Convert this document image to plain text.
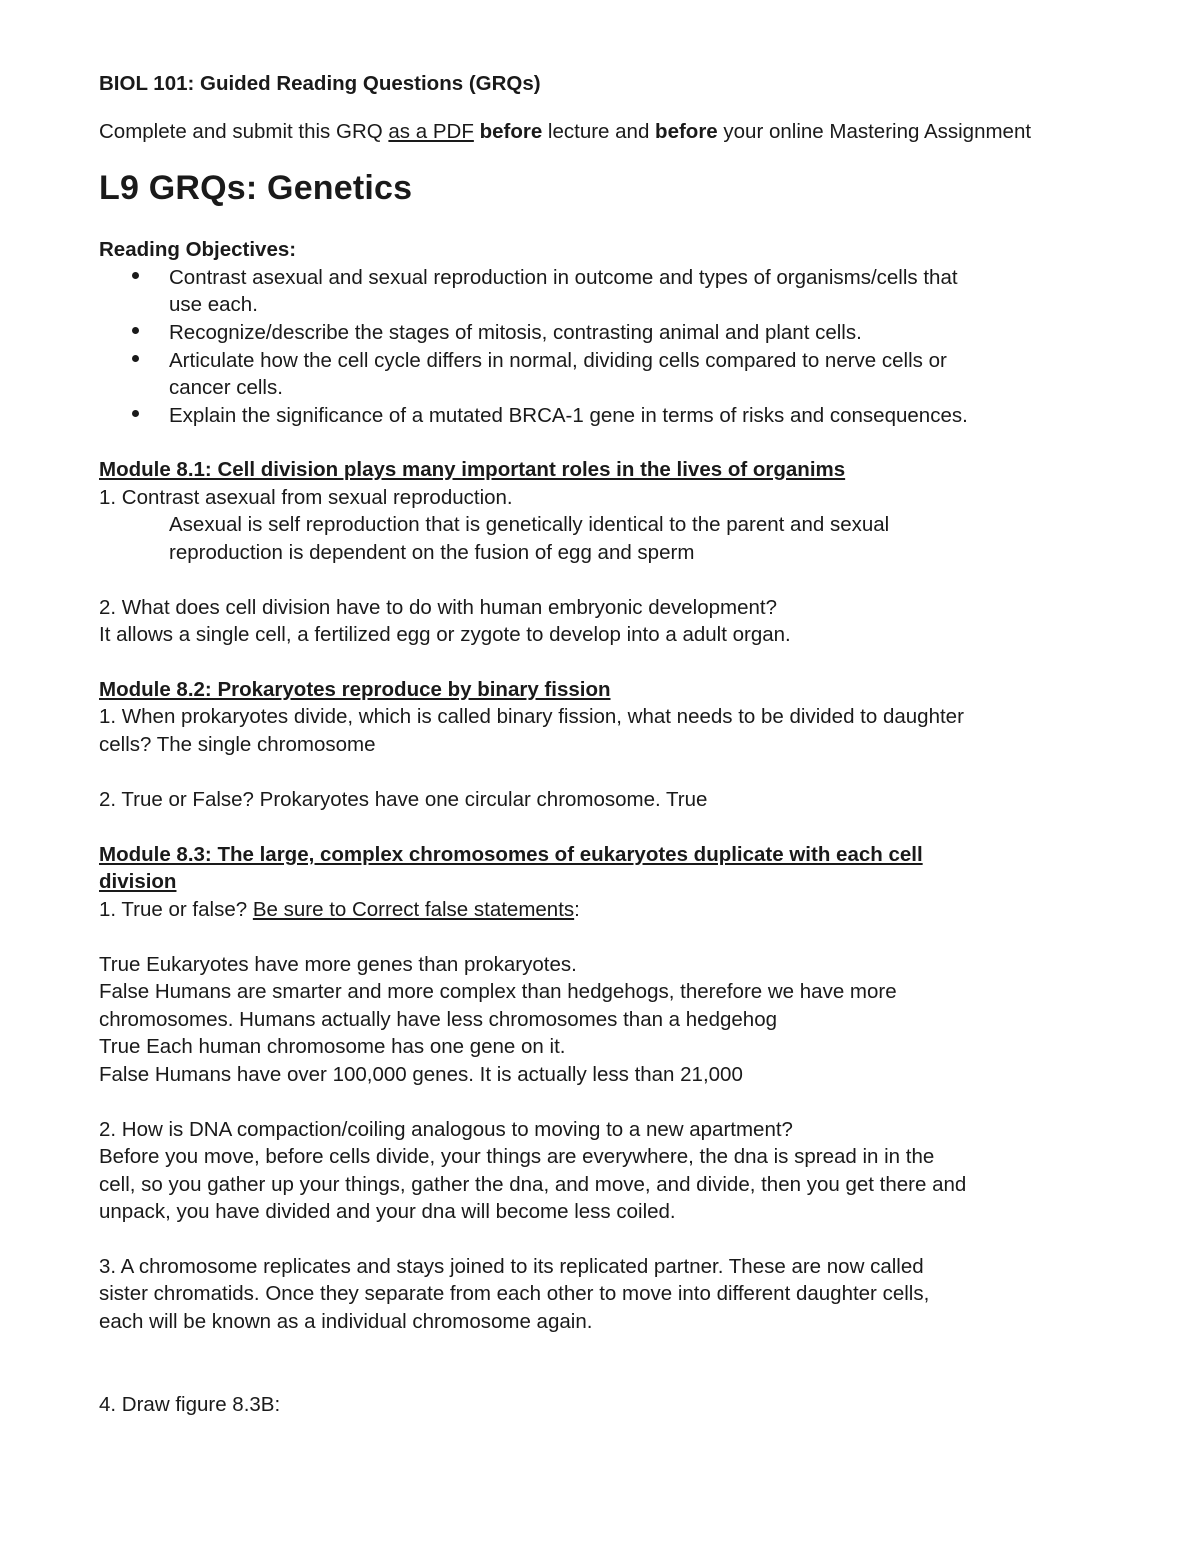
BIOL 101: Guided Reading Questions (GRQs)
Complete and submit this GRQ as a PDF before lecture and before your online Mastering Assignment
L9 GRQs: Genetics
Reading Objectives:
Contrast asexual and sexual reproduction in outcome and types of organisms/cells that
use each.
Recognize/describe the stages of mitosis, contrasting animal and plant cells.
Articulate how the cell cycle differs in normal, dividing cells compared to nerve cells or
cancer cells.
Explain the significance of a mutated BRCA-1 gene in terms of risks and consequences.
Module 8.1: Cell division plays many important roles in the lives of organims
1. Contrast asexual from sexual reproduction.
Asexual is self reproduction that is genetically identical to the parent and sexual
reproduction is dependent on the fusion of egg and sperm
2. What does cell division have to do with human embryonic development?
It allows a single cell, a fertilized egg or zygote to develop into a adult organ.
Module 8.2: Prokaryotes reproduce by binary fission
1. When prokaryotes divide, which is called binary fission, what needs to be divided to daughter
cells? The single chromosome
2. True or False? Prokaryotes have one circular chromosome. True
Module 8.3: The large, complex chromosomes of eukaryotes duplicate with each cell
division
1. True or false? Be sure to Correct false statements:
True Eukaryotes have more genes than prokaryotes.
False Humans are smarter and more complex than hedgehogs, therefore we have more
chromosomes. Humans actually have less chromosomes than a hedgehog
True Each human chromosome has one gene on it.
False Humans have over 100,000 genes. It is actually less than 21,000
2. How is DNA compaction/coiling analogous to moving to a new apartment?
Before you move, before cells divide, your things are everywhere, the dna is spread in in the
cell, so you gather up your things, gather the dna, and move, and divide, then you get there and
unpack, you have divided and your dna will become less coiled.
3. A chromosome replicates and stays joined to its replicated partner. These are now called
sister chromatids. Once they separate from each other to move into different daughter cells,
each will be known as a individual chromosome again.
4. Draw figure 8.3B:
